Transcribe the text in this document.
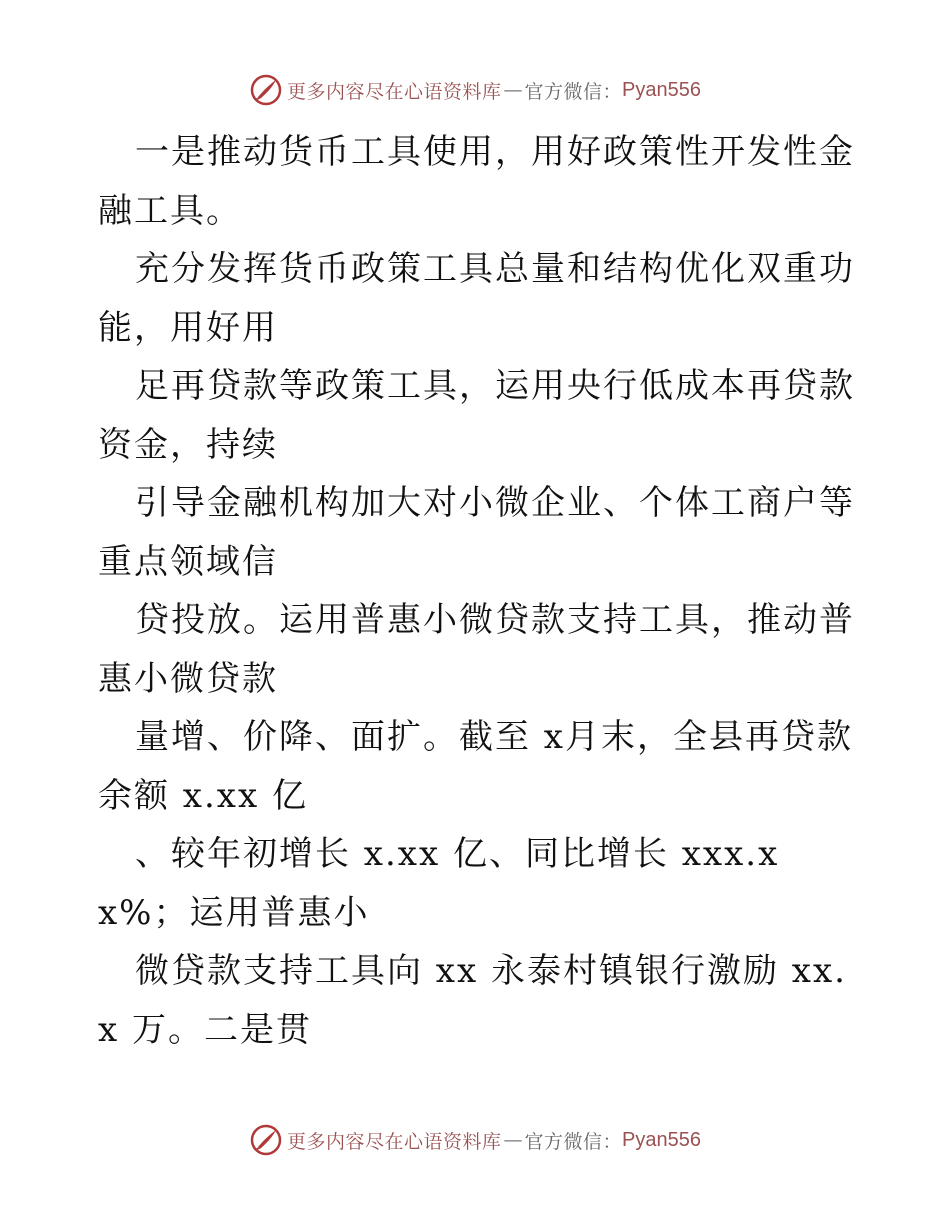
更多内容尽在心语资料库 — 官方微信： Pyan556

一是推动货币工具使用，用好政策性开发性金融工具。

充分发挥货币政策工具总量和结构优化双重功能，用好用

足再贷款等政策工具，运用央行低成本再贷款资金，持续

引导金融机构加大对小微企业、个体工商户等重点领域信

贷投放。运用普惠小微贷款支持工具，推动普惠小微贷款

量增、价降、面扩。截至 x月末，全县再贷款余额 x.xx 亿

、较年初增长 x.xx 亿、同比增长 xxx.xx%；运用普惠小

微贷款支持工具向 xx 永泰村镇银行激励 xx.x 万。二是贯

更多内容尽在心语资料库 — 官方微信： Pyan556
